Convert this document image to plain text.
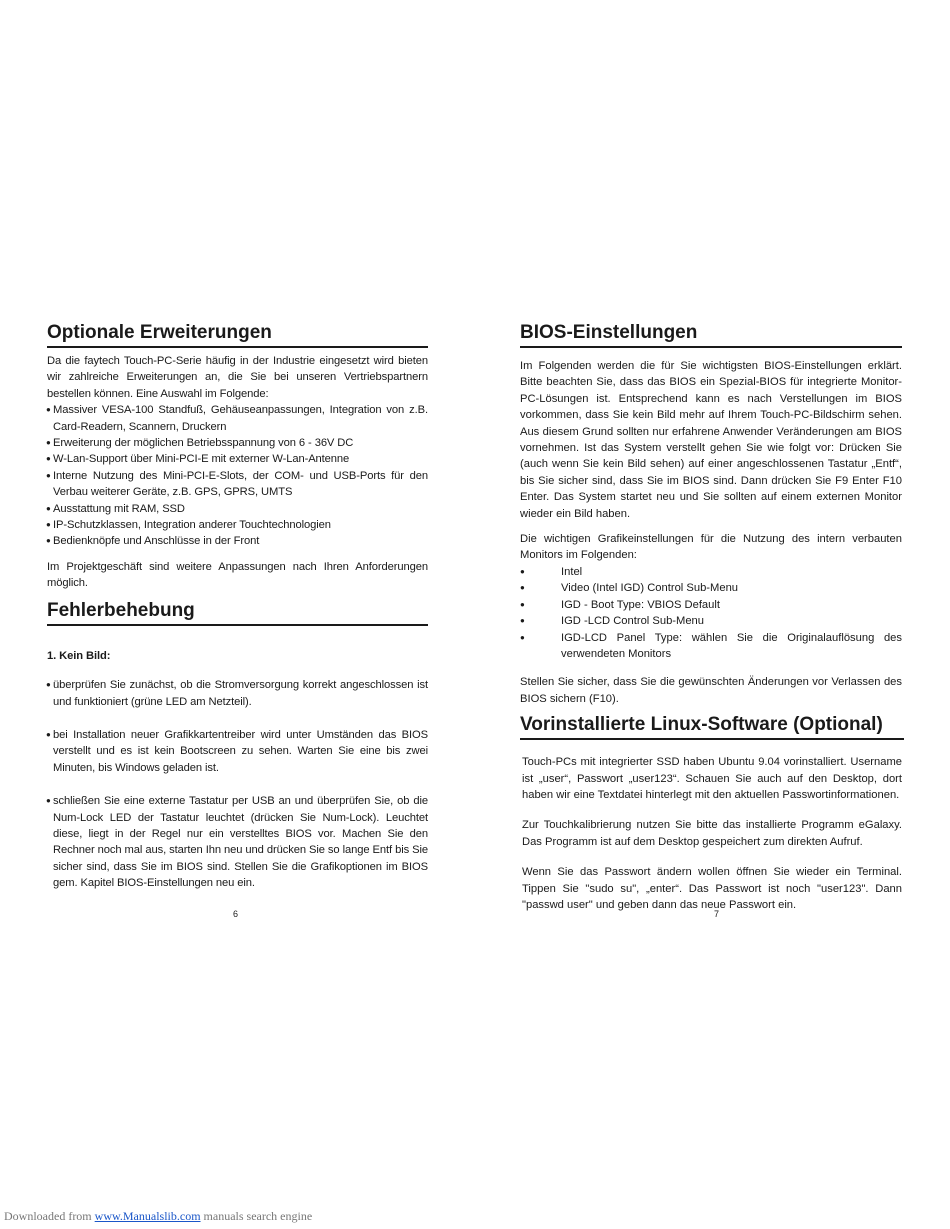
Optionale Erweiterungen

Da die faytech Touch-PC-Serie häufig in der Industrie eingesetzt wird bieten wir zahlreiche Erweiterungen an, die Sie bei unseren Vertriebspartnern bestellen können. Eine Auswahl im Folgende:

● Massiver VESA-100 Standfuß, Gehäuseanpassungen, Integration von z.B. Card-Readern, Scannern, Druckern
● Erweiterung der möglichen Betriebsspannung von 6 - 36V DC
● W-Lan-Support über Mini-PCI-E mit externer W-Lan-Antenne
● Interne Nutzung des Mini-PCI-E-Slots, der COM- und USB-Ports für den Verbau weiterer Geräte, z.B. GPS, GPRS, UMTS
● Ausstattung mit RAM, SSD
● IP-Schutzklassen, Integration anderer Touchtechnologien
● Bedienknöpfe und Anschlüsse in der Front

Im Projektgeschäft sind weitere Anpassungen nach Ihren Anforderungen möglich.

Fehlerbehebung

1. Kein Bild:

● überprüfen Sie zunächst, ob die Stromversorgung korrekt angeschlossen ist und funktioniert (grüne LED am Netzteil).
● bei Installation neuer Grafikkartentreiber wird unter Umständen das BIOS verstellt und es ist kein Bootscreen zu sehen. Warten Sie eine bis zwei Minuten, bis Windows geladen ist.
● schließen Sie eine externe Tastatur per USB an und überprüfen Sie, ob die Num-Lock LED der Tastatur leuchtet (drücken Sie Num-Lock). Leuchtet diese, liegt in der Regel nur ein verstelltes BIOS vor. Machen Sie den Rechner noch mal aus, starten Ihn neu und drücken Sie so lange Entf bis Sie sicher sind, dass Sie im BIOS sind. Stellen Sie die Grafikoptionen im BIOS gem. Kapitel BIOS-Einstellungen neu ein.
6
BIOS-Einstellungen

Im Folgenden werden die für Sie wichtigsten BIOS-Einstellungen erklärt. Bitte beachten Sie, dass das BIOS ein Spezial-BIOS für integrierte Monitor-PC-Lösungen ist. Entsprechend kann es nach Verstellungen im BIOS vorkommen, dass Sie kein Bild mehr auf Ihrem Touch-PC-Bildschirm sehen. Aus diesem Grund sollten nur erfahrene Anwender Veränderungen am BIOS vornehmen. Ist das System verstellt gehen Sie wie folgt vor: Drücken Sie (auch wenn Sie kein Bild sehen) auf einer angeschlossenen Tastatur „Entf“, bis Sie sicher sind, dass Sie im BIOS sind. Dann drücken Sie F9 Enter F10 Enter. Das System startet neu und Sie sollten auf einem externen Monitor wieder ein Bild haben.

Die wichtigen Grafikeinstellungen für die Nutzung des intern verbauten Monitors im Folgenden:

● Intel
● Video (Intel IGD) Control Sub-Menu
● IGD - Boot Type: VBIOS Default
● IGD -LCD Control Sub-Menu
● IGD-LCD Panel Type: wählen Sie die Originalauflösung des verwendeten Monitors

Stellen Sie sicher, dass Sie die gewünschten Änderungen vor Verlassen des BIOS sichern (F10).

Vorinstallierte Linux-Software (Optional)

Touch-PCs mit integrierter SSD haben Ubuntu 9.04 vorinstalliert. Username ist „user“, Passwort „user123“. Schauen Sie auch auf den Desktop, dort haben wir eine Textdatei hinterlegt mit den aktuellen Passwortinformationen.

Zur Touchkalibrierung nutzen Sie bitte das installierte Programm eGalaxy. Das Programm ist auf dem Desktop gespeichert zum direkten Aufruf.

Wenn Sie das Passwort ändern wollen öffnen Sie wieder ein Terminal. Tippen Sie "sudo su", „enter“. Das Passwort ist noch "user123". Dann "passwd user" und geben dann das neue Passwort ein.

7
Downloaded from www.Manualslib.com manuals search engine
